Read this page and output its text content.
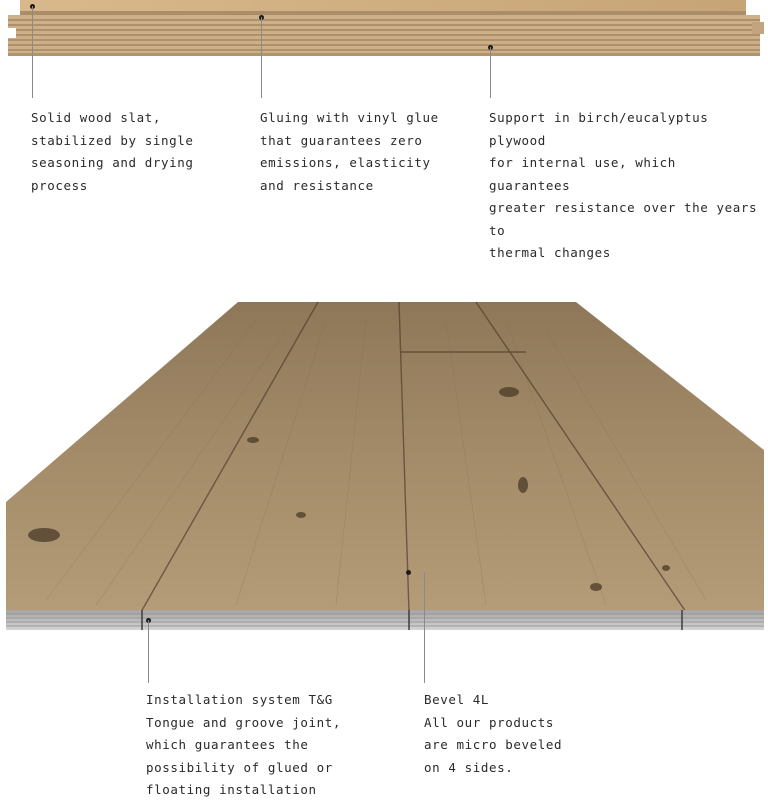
Solid wood slat,
stabilized by single
seasoning and drying
process
Gluing with vinyl glue
that guarantees zero
emissions, elasticity
and resistance
Support in birch/eucalyptus plywood
for internal use, which guarantees
greater resistance over the years to
thermal changes
Installation system T&G
Tongue and groove joint,
which guarantees the
possibility of glued or
floating installation
Bevel 4L
All our products
are micro beveled
on 4 sides.
